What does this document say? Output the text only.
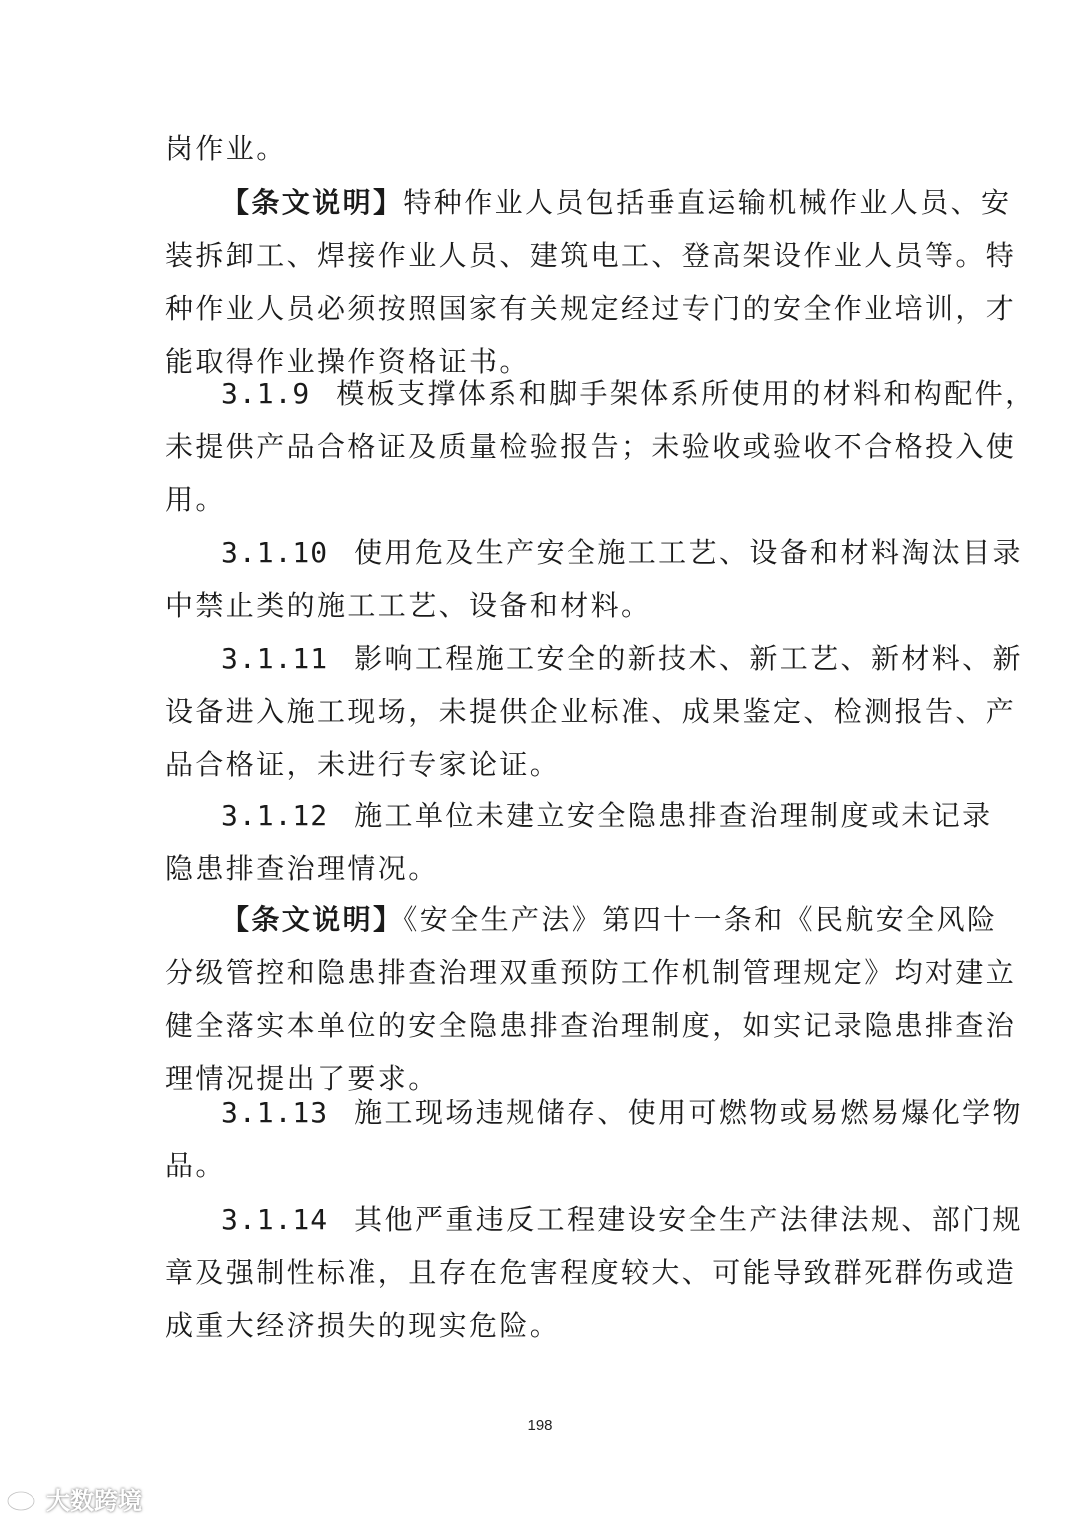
岗作业。
【条文说明】特种作业人员包括垂直运输机械作业人员、安
装拆卸工、焊接作业人员、建筑电工、登高架设作业人员等。特
种作业人员必须按照国家有关规定经过专门的安全作业培训，才
能取得作业操作资格证书。
3.1.9 模板支撑体系和脚手架体系所使用的材料和构配件，
未提供产品合格证及质量检验报告；未验收或验收不合格投入使
用。
3.1.10 使用危及生产安全施工工艺、设备和材料淘汰目录
中禁止类的施工工艺、设备和材料。
3.1.11 影响工程施工安全的新技术、新工艺、新材料、新
设备进入施工现场，未提供企业标准、成果鉴定、检测报告、产
品合格证，未进行专家论证。
3.1.12 施工单位未建立安全隐患排查治理制度或未记录
隐患排查治理情况。
【条文说明】《安全生产法》第四十一条和《民航安全风险
分级管控和隐患排查治理双重预防工作机制管理规定》均对建立
健全落实本单位的安全隐患排查治理制度，如实记录隐患排查治
理情况提出了要求。
3.1.13 施工现场违规储存、使用可燃物或易燃易爆化学物
品。
3.1.14 其他严重违反工程建设安全生产法律法规、部门规
章及强制性标准，且存在危害程度较大、可能导致群死群伤或造
成重大经济损失的现实危险。
198
大数跨境
